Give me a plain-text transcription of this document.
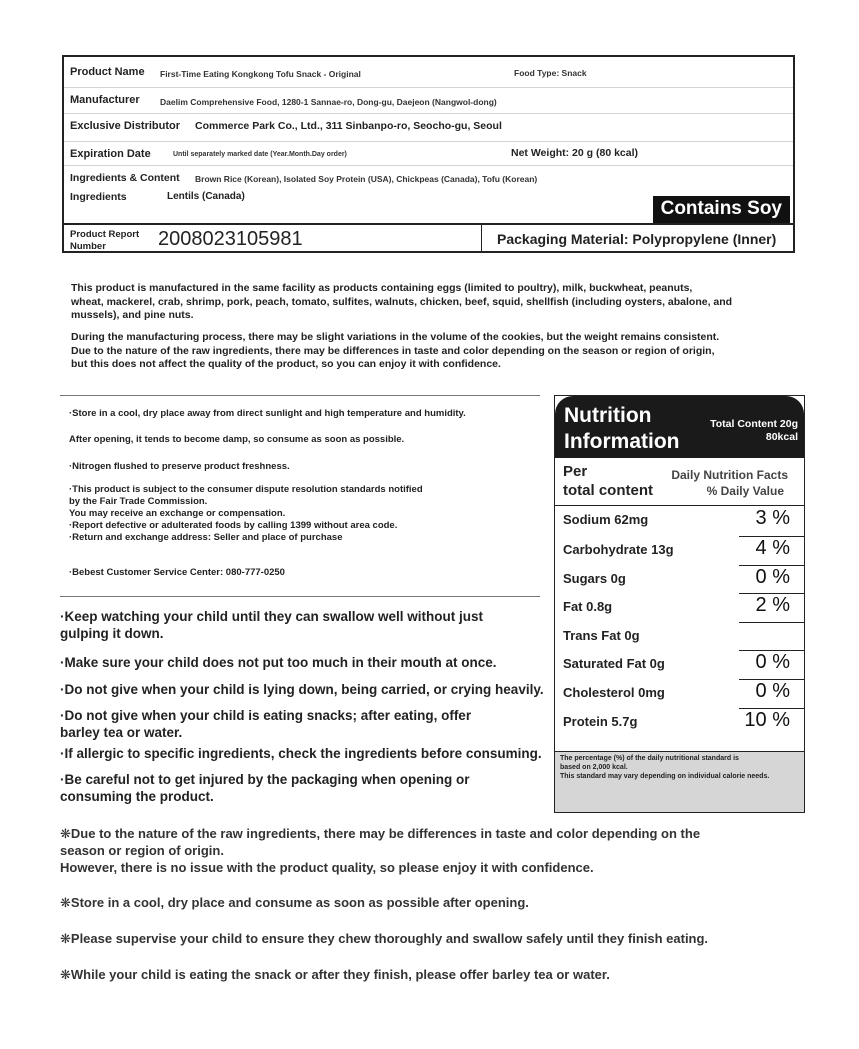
Product Name First-Time Eating Kongkong Tofu Snack - Original	Food Type: Snack
Manufacturer Daelim Comprehensive Food, 1280-1 Sannae-ro, Dong-gu, Daejeon (Nangwol-dong)
Exclusive Distributor Commerce Park Co., Ltd., 311 Sinbanpo-ro, Seocho-gu, Seoul
Expiration Date	Until separately marked date (Year.Month.Day order)	Net Weight: 20 g (80 kcal)
Ingredients & Content Brown Rice (Korean), Isolated Soy Protein (USA), Chickpeas (Canada), Tofu (Korean)
Ingredients	Lentils (Canada)
Contains Soy
Product Report
Number	2008023105981	Packaging Material: Polypropylene (Inner)
This product is manufactured in the same facility as products containing eggs (limited to poultry), milk, buckwheat, peanuts,
wheat, mackerel, crab, shrimp, pork, peach, tomato, sulfites, walnuts, chicken, beef, squid, shellfish (including oysters, abalone, and
mussels), and pine nuts.
During the manufacturing process, there may be slight variations in the volume of the cookies, but the weight remains consistent.
Due to the nature of the raw ingredients, there may be differences in taste and color depending on the season or region of origin,
but this does not affect the quality of the product, so you can enjoy it with confidence.
·Store in a cool, dry place away from direct sunlight and high temperature and humidity.
After opening, it tends to become damp, so consume as soon as possible.
·Nitrogen flushed to preserve product freshness.
·This product is subject to the consumer dispute resolution standards notified
by the Fair Trade Commission.
You may receive an exchange or compensation.
·Report defective or adulterated foods by calling 1399 without area code.
·Return and exchange address: Seller and place of purchase
·Bebest Customer Service Center: 080-777-0250
·Keep watching your child until they can swallow well without just
gulping it down.
·Make sure your child does not put too much in their mouth at once.
·Do not give when your child is lying down, being carried, or crying heavily.
·Do not give when your child is eating snacks; after eating, offer
barley tea or water.
·If allergic to specific ingredients, check the ingredients before consuming.
·Be careful not to get injured by the packaging when opening or
consuming the product.
❋Due to the nature of the raw ingredients, there may be differences in taste and color depending on the
season or region of origin.
However, there is no issue with the product quality, so please enjoy it with confidence.
❋Store in a cool, dry place and consume as soon as possible after opening.
❋Please supervise your child to ensure they chew thoroughly and swallow safely until they finish eating.
❋While your child is eating the snack or after they finish, please offer barley tea or water.
Nutrition
Information
Total Content 20g
80kcal
Per
total content
Daily Nutrition Facts
% Daily Value
Sodium 62mg	3 %
Carbohydrate 13g	4 %
Sugars 0g	0 %
Fat 0.8g	2 %
Trans Fat 0g
Saturated Fat 0g	0 %
Cholesterol 0mg	0 %
Protein 5.7g	10 %
The percentage (%) of the daily nutritional standard is
based on 2,000 kcal.
This standard may vary depending on individual calorie needs.
